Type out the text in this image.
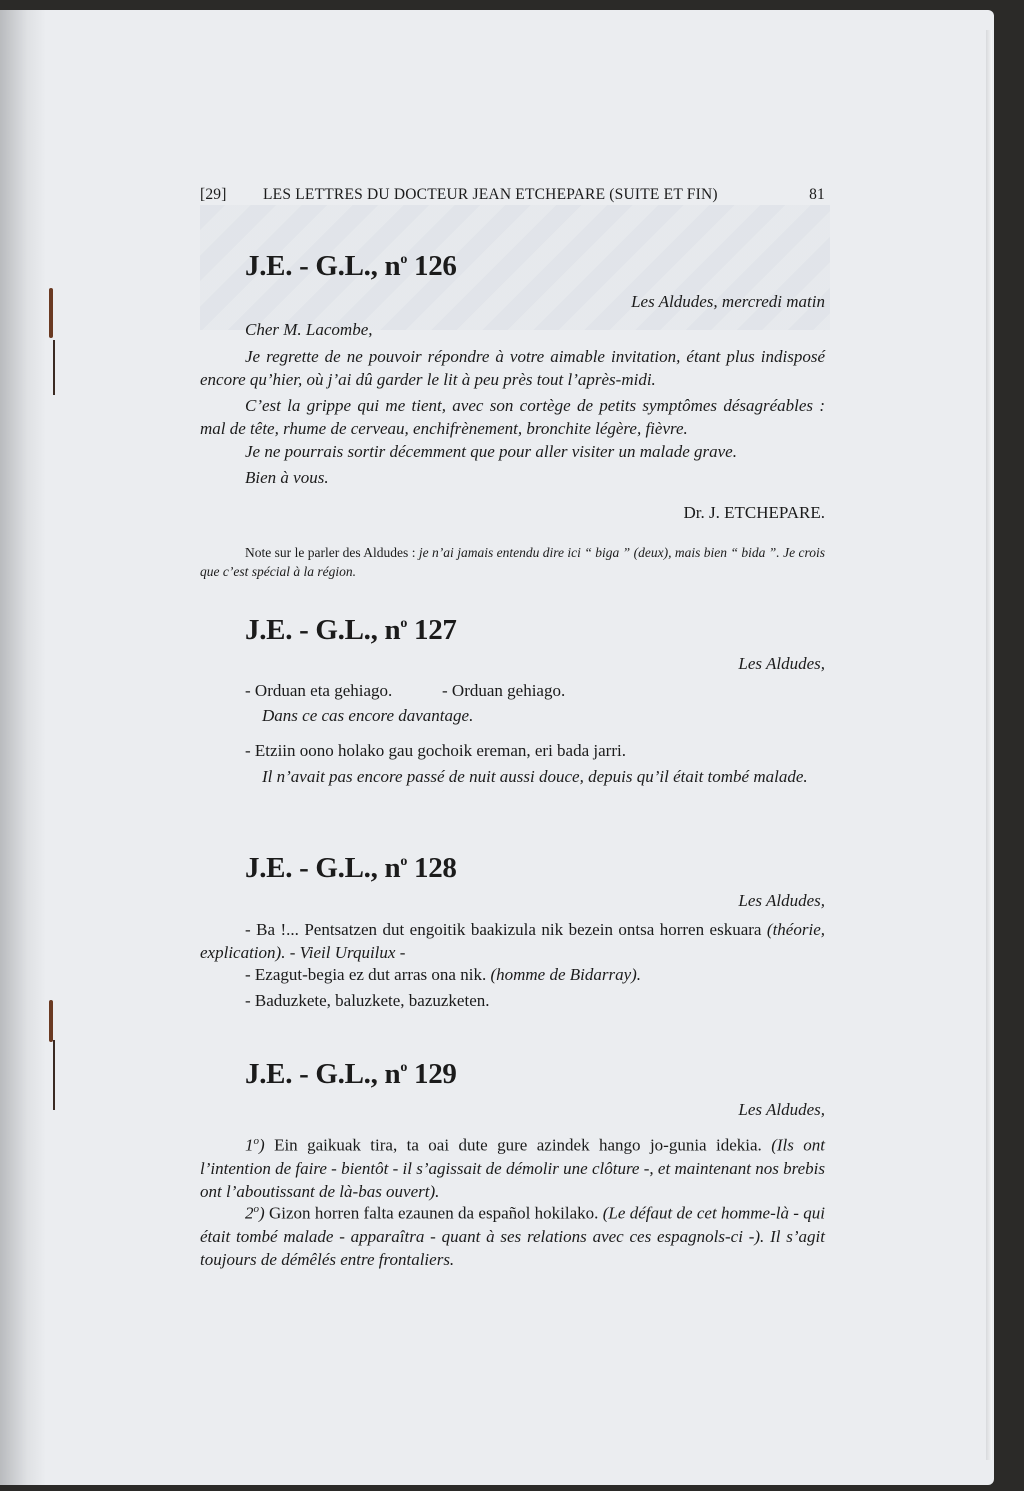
[29] LES LETTRES DU DOCTEUR JEAN ETCHEPARE (SUITE ET FIN)	81
J.E. - G.L., $n^o$ 126
Les Aldudes, mercredi matin
Cher M. Lacombe,
Je regrette de ne pouvoir répondre à votre aimable invitation, étant plus indisposé encore qu’hier, où j’ai dû garder le lit à peu près tout l’après-midi.
C’est la grippe qui me tient, avec son cortège de petits symptômes désagréables : mal de tête, rhume de cerveau, enchifrènement, bronchite légère, fièvre.
Je ne pourrais sortir décemment que pour aller visiter un malade grave.
Bien à vous.
Dr. J. ETCHEPARE.
Note sur le parler des Aldudes : je n’ai jamais entendu dire ici “ biga ” (deux), mais bien “ bida ”. Je crois que c’est spécial à la région.
J.E. - G.L., $n^o$ 127
Les Aldudes,
- Orduan eta gehiago.	- Orduan gehiago.
Dans ce cas encore davantage.
- Etziin oono holako gau gochoik ereman, eri bada jarri.
Il n’avait pas encore passé de nuit aussi douce, depuis qu’il était tombé malade.
J.E. - G.L., $n^o$ 128
Les Aldudes,
- Ba !... Pentsatzen dut engoitik baakizula nik bezein ontsa horren eskuara (théorie, explication). - Vieil Urquilux -
- Ezagut-begia ez dut arras ona nik. (homme de Bidarray).
- Baduzkete, baluzkete, bazuzketen.
J.E. - G.L., $n^o$ 129
Les Aldudes,
1$^o$) Ein gaikuak tira, ta oai dute gure azindek hango jo-gunia idekia. (Ils ont l’intention de faire - bientôt - il s’agissait de démolir une clôture -, et maintenant nos brebis ont l’aboutissant de là-bas ouvert).
2$^o$) Gizon horren falta ezaunen da español hokilako. (Le défaut de cet homme-là - qui était tombé malade - apparaîtra - quant à ses relations avec ces espagnols-ci -). Il s’agit toujours de démêlés entre frontaliers.
